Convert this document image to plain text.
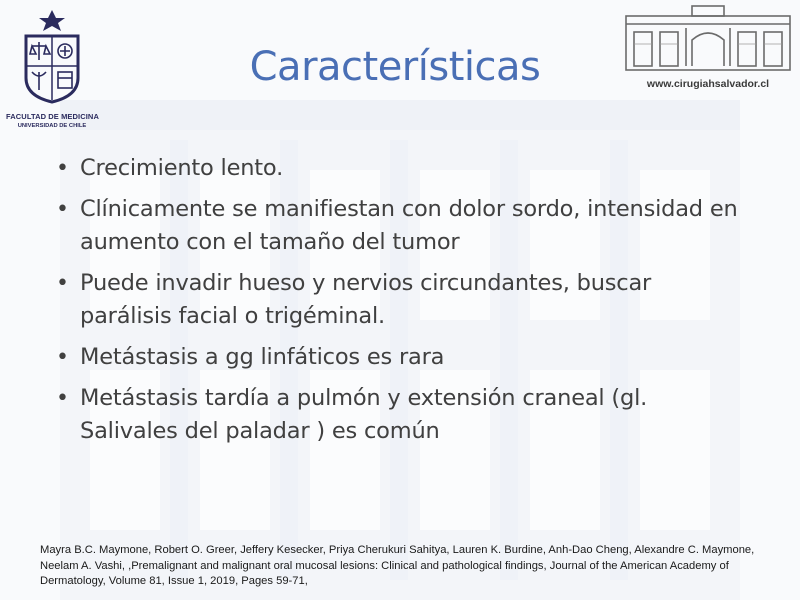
FACULTAD DE MEDICINA
UNIVERSIDAD DE CHILE
www.cirugiahsalvador.cl
Características
• Crecimiento lento.
• Clínicamente se manifiestan con dolor sordo, intensidad en aumento con el tamaño del tumor
• Puede invadir hueso y nervios circundantes, buscar parálisis facial o trigéminal.
• Metástasis a gg linfáticos es rara
• Metástasis tardía a pulmón y extensión craneal (gl. Salivales del paladar ) es común
Mayra B.C. Maymone, Robert O. Greer, Jeffery Kesecker, Priya Cherukuri Sahitya, Lauren K. Burdine, Anh-Dao Cheng, Alexandre C. Maymone, Neelam A. Vashi, ,Premalignant and malignant oral mucosal lesions: Clinical and pathological findings, Journal of the American Academy of Dermatology, Volume 81, Issue 1, 2019, Pages 59-71,
